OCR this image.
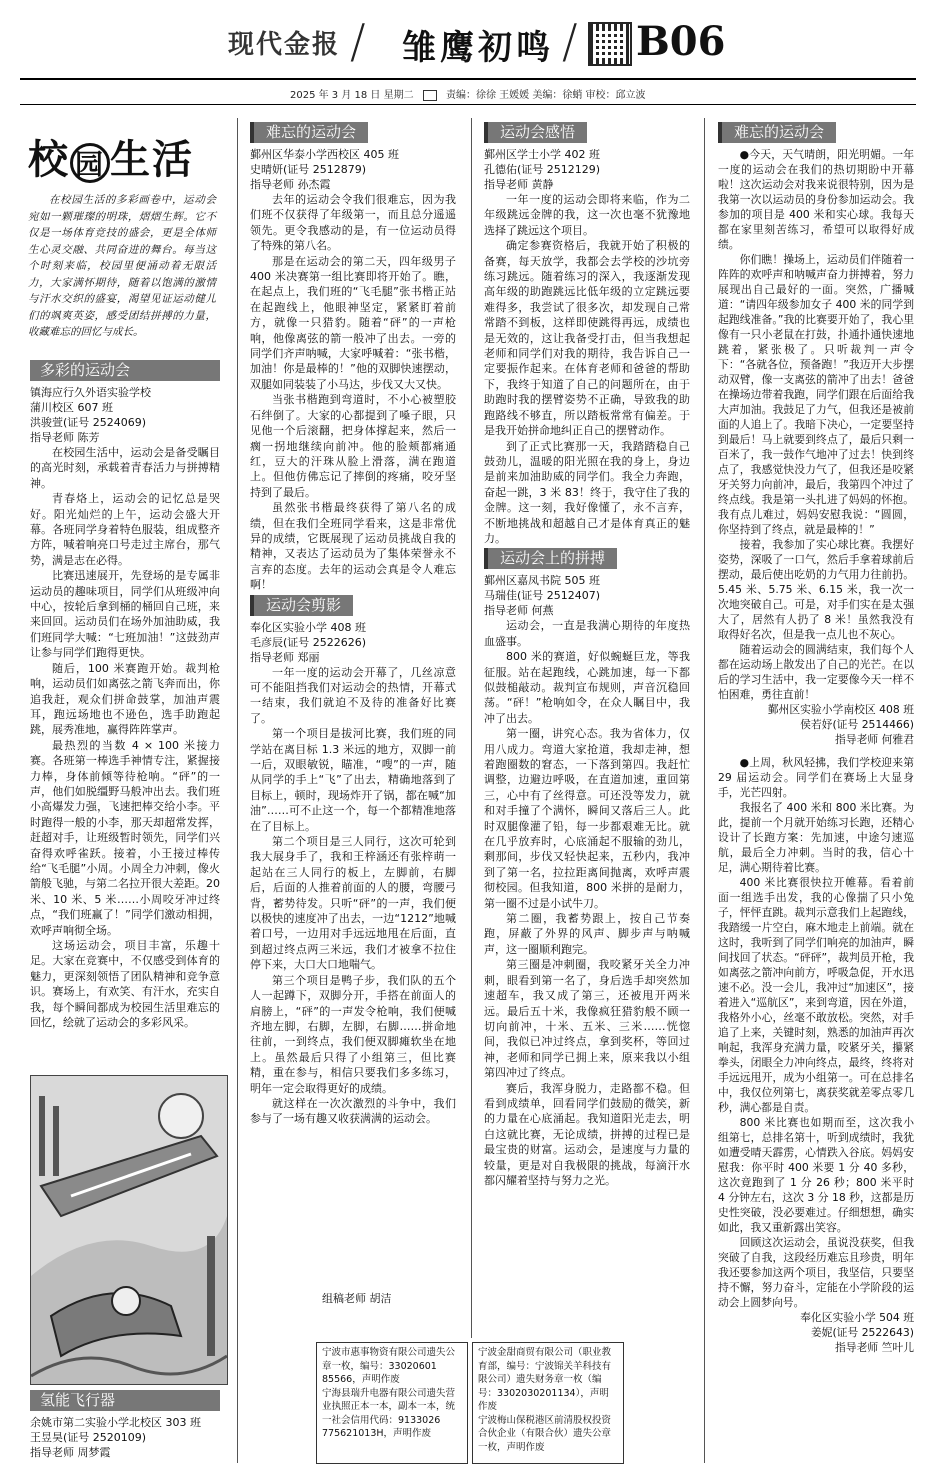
现代金报 / 雏鹰初鸣 / B06
2025 年 3 月 18 日 星期二	责编：徐徐 王媛媛 美编：徐蛸 审校：邱立波
校 园 生活

在校园生活的多彩画卷中，运动会宛如一颗璀璨的明珠，熠熠生辉。它不仅是一场体育竞技的盛会，更是全体师生心灵交融、共同奋进的舞台。每当这个时刻来临，校园里便涌动着无限活力，大家满怀期待，随着以饱满的激情与汗水交织的盛宴，渴望见证运动健儿们的飒爽英姿，感受团结拼搏的力量，收藏难忘的回忆与成长。

多彩的运动会

镇海应行久外语实验学校

蒲川校区 607 班

洪骏萱(证号 2524069)

指导老师 陈芳

在校园生活中，运动会是备受瞩目的高光时刻，承载着青春活力与拼搏精神。

青春烙上，运动会的记忆总是哭好。阳光灿烂的上午，运动会盛大开幕。各班同学身着特色服装，组成整齐方阵，喊着响亮口号走过主席台，那气势，满是志在必得。

比赛迅速展开，先登场的是专属非运动员的趣味项目，同学们从班级冲向中心，按轮后拿到桶的桶回自己班，来来回回。运动员们在场外加油助威，我们班同学大喊：“七班加油！”这鼓劲声让参与同学们跑得更快。

随后，100 米赛跑开始。裁判枪响，运动员们如离弦之箭飞奔而出，你追我赶，观众们拼命鼓掌，加油声震耳，跑远场地也不逊色，选手助跑起跳，展秀准地，赢得阵阵掌声。

最热烈的当数 4 × 100 米接力赛。各班第一棒选手神情专注，紧握接力棒，身体前倾等待枪响。“砰”的一声，他们如脱缰野马般冲出去。我们班小高爆发力强，飞速把棒交给小李。平时跑得一般的小李，那天却超常发挥，赶超对手，让班级暂时领先，同学们兴奋得欢呼雀跃。接着，小王接过棒传给“飞毛腿”小周。小周全力冲刺，像火箭般飞驰，与第二名拉开很大差距。20 米、10 米、5 米……小周咬牙冲过终点，“我们班赢了！”同学们激动相拥，欢呼声响彻全场。

这场运动会，项目丰富，乐趣十足。大家在竞赛中，不仅感受到体育的魅力，更深刻领悟了团队精神和竞争意识。赛场上，有欢笑、有汗水，充实自我，每个瞬间都成为校园生活里难忘的回忆，绘就了运动会的多彩风采。

氢能飞行器

余姚市第二实验小学北校区 303 班

王昱昊(证号 2520109)

指导老师 周梦霞

难忘的运动会

鄞州区华泰小学西校区 405 班

史晴妍(证号 2512879)

指导老师 孙杰霞

去年的运动会令我们很难忘，因为我们班不仅获得了年级第一，而且总分遥遥领先。更令我感动的是，有一位运动员得了特殊的第八名。

那是在运动会的第二天，四年级男子 400 米决赛第一组比赛即将开始了。瞧，在起点上，我们班的“飞毛腿”张书楷正站在起跑线上，他眼神坚定，紧紧盯着前方，就像一只猎豹。随着“砰”的一声枪响，他像离弦的箭一般冲了出去。一旁的同学们齐声呐喊，大家呼喊着：“张书楷，加油！你是最棒的！”他的双脚快速摆动，双腿如同装装了小马达，步伐又大又快。

当张书楷跑到弯道时，不小心被塑胶石绊倒了。大家的心都提到了嗓子眼，只见他一个后滚翻，把身体撑起来，然后一瘸一拐地继续向前冲。他的脸颊都痛通红，豆大的汗珠从脸上滑落，满在跑道上。但他仿佛忘记了摔倒的疼痛，咬牙坚持到了最后。

虽然张书楷最终获得了第八名的成绩，但在我们全班同学看来，这是非常优异的成绩，它既展现了运动员挑战自我的精神，又表达了运动员为了集体荣誉永不言弃的态度。去年的运动会真是令人难忘啊！

运动会剪影

奉化区实验小学 408 班

毛彦辰(证号 2522626)

指导老师 郑丽

一年一度的运动会开幕了，几丝凉意可不能阻挡我们对运动会的热情，开幕式一结束，我们就迫不及待的准备好比赛了。

第一个项目是拔河比赛，我们班的同学站在离目标 1.3 米远的地方，双脚一前一后，双眼敏锐，瞄准，“嗖”的一声，随从同学的手上“飞”了出去，精确地落到了目标上，顿时，现场炸开了锅，都在喊“加油”……可不止这一个，每一个都精准地落在了目标上。

第二个项目是三人同行，这次可轮到我大展身手了，我和王梓涵还有张梓萌一起站在三人同行的板上，左脚前，右脚后，后面的人推着前面的人的腰，弯腰弓背，蓄势待发。只听“砰”的一声，我们便以极快的速度冲了出去，一边“1212”地喊着口号，一边用对手远远地甩在后面，直到超过终点两三米远，我们才被拿不拉住停下来，大口大口地喘气。

第三个项目是鸭子步，我们队的五个人一起蹲下，双脚分开，手搭在前面人的肩膀上，“砰”的一声发令枪响，我们便喊齐地左脚，右脚，左脚，右脚……拼命地往前，一到终点，我们便双脚瘫软坐在地上。虽然最后只得了小组第三，但比赛精，重在参与，相信只要我们多多练习，明年一定会取得更好的成绩。

就这样在一次次激烈的斗争中，我们参与了一场有趣又收获满满的运动会。

组稿老师 胡洁
运动会感悟

鄞州区学士小学 402 班

孔德佑(证号 2512129)

指导老师 黄静

一年一度的运动会即将来临，作为二年级跳远金牌的我，这一次也毫不犹豫地选择了跳远这个项目。

确定参赛资格后，我就开始了积极的备赛，每天放学，我都会去学校的沙坑旁练习跳远。随着练习的深入，我逐渐发现高年级的助跑跳远比低年级的立定跳远要难得多，我尝试了很多次，却发现自己常常踏不到板，这样即使跳得再远，成绩也是无效的，这让我备受打击，但当我想起老师和同学们对我的期待，我告诉自己一定要振作起来。在体育老师和爸爸的帮助下，我终于知道了自己的问题所在，由于助跑时我的摆臂姿势不正确，导致我的助跑路线不够直，所以踏板常常有偏差。于是我开始拼命地纠正自己的摆臂动作。

到了正式比赛那一天，我踏踏稳自己鼓劲儿，温暖的阳光照在我的身上，身边是前来加油助威的同学们。我全力奔跑，奋起一跳，3 米 83！终于，我守住了我的金牌。这一刻，我好像懂了，永不言弃，不断地挑战和超越自己才是体育真正的魅力。

运动会上的拼搏

鄞州区嘉凤书院 505 班

马瑞佳(证号 2512407)

指导老师 何燕

运动会，一直是我满心期待的年度热血盛事。

800 米的赛道，好似蜿蜒巨龙，等我征服。站在起跑线，心跳加速，每一下都似鼓槌敲动。裁判宣布规则，声音沉稳回荡。“砰！”枪响如令，在众人瞩目中，我冲了出去。

第一圈，讲究心态。我为省体力，仅用八成力。弯道大家抢道，我却走神，想着跑圈数的窘态，一下落到第四。我赶忙调整，边避边呼吸，在直道加速，重回第三，心中有了丝得意。可还没等发力，就和对手撞了个满怀，瞬间又落后三人。此时双腿像灌了铅，每一步都艰难无比。就在几乎放弃时，心底涌起不服输的劲儿，剩那间，步伐又轻快起来，五秒内，我冲到了第一名，拉拉距离间抛离，欢呼声震彻校园。但我知道，800 米拼的是耐力，第一圈不过是小试牛刀。

第二圈，我蓄势跟上，按自己节奏跑，屏蔽了外界的风声、脚步声与呐喊声，这一圈顺利跑完。

第三圈是冲刺圈，我咬紧牙关全力冲刺，眼看到第一名了，身后选手却突然加速超车，我又成了第三，还被甩开两米远。最后五十米，我像疯狂猎豹般不顾一切向前冲，十米、五米、三米……恍惚间，我似已冲过终点，拿到奖杯，等回过神，老师和同学已拥上来，原来我以小组第四冲过了终点。

赛后，我浑身脱力，走路都不稳。但看到成绩单，回看同学们鼓励的微笑，新的力量在心底涌起。我知道阳光走去，明白这就比赛，无论成绩，拼搏的过程已是最宝贵的财富。运动会，是速度与力量的较量，更是对自我极限的挑战，每滴汗水都闪耀着坚持与努力之光。

难忘的运动会

●今天，天气晴朗，阳光明媚。一年一度的运动会在我们的热切期盼中开幕啦！这次运动会对我来说很特别，因为是我第一次以运动员的身份参加运动会。我参加的项目是 400 米和实心球。我每天都在家里刻苦练习，希望可以取得好成绩。

你们瞧！操场上，运动员们伴随着一阵阵的欢呼声和呐喊声奋力拼搏着，努力展现出自己最好的一面。突然，广播喊道：“请四年级参加女子 400 米的同学到起跑线准备。”我的比赛要开始了，我心里像有一只小老鼠在打鼓，扑通扑通快速地跳着，紧张极了。只听裁判一声令下：“各就各位，预备跑！”我迈开大步摆动双臂，像一支离弦的箭冲了出去！爸爸在操场边带着我跑，同学们跟在后面给我大声加油。我鼓足了力气，但我还是被前面的人追上了。我暗下决心，一定要坚持到最后！马上就要到终点了，最后只剩一百米了，我一鼓作气地冲了过去！快到终点了，我感觉快没力气了，但我还是咬紧牙关努力向前冲，最后，我第四个冲过了终点线。我是第一头扎进了妈妈的怀抱。我有点儿难过，妈妈安慰我说：“圆圆，你坚持到了终点，就是最棒的！”

接着，我参加了实心球比赛。我摆好姿势，深吸了一口气，然后手拿着球前后摆动，最后使出吃奶的力气用力往前扔。5.45 米、5.75 米、6.15 米，我一次一次地突破自己。可是，对手们实在是太强大了，居然有人扔了 8 米！虽然我没有取得好名次，但是我一点儿也不灰心。

随着运动会的圆满结束，我们每个人都在运动场上散发出了自己的光芒。在以后的学习生活中，我一定要像今天一样不怕困难，勇往直前！

鄞州区实验小学南校区 408 班

侯若妤(证号 2514466)

指导老师 何雅君

●上周，秋风轻拂，我们学校迎来第 29 届运动会。同学们在赛场上大显身手，光芒四射。

我报名了 400 米和 800 米比赛。为此，提前一个月就开始练习长跑，还精心设计了长跑方案：先加速，中途匀速巡航，最后全力冲刺。当时的我，信心十足，满心期待着比赛。

400 米比赛很快拉开帷幕。看着前面一组选手出发，我的心像揣了只小兔子，怦怦直跳。裁判示意我们上起跑线，我踏缓一片空白，麻木地走上前端。就在这时，我听到了同学们响亮的加油声，瞬间找回了状态。“砰砰”，裁判员开枪，我如离弦之箭冲向前方，呼吸急促，开水迅速不必。没一会儿，我冲过“加速区”，接着进入“巡航区”，来到弯道，因在外道，我格外小心，丝毫不敢放松。突然，对手追了上来，关键时刻，熟悉的加油声再次响起，我浑身充满力量，咬紧牙关，攥紧拳头，闭眼全力冲向终点，最终，终将对手远远甩开，成为小组第一。可在总排名中，我仅位列第七，离获奖就差零点零几秒，满心都是自责。

800 米比赛也如期而至，这次我小组第七，总排名第十，听到成绩时，我犹如遭受晴天霹雳，心情跌入谷底。妈妈安慰我：你平时 400 米要 1 分 40 多秒，这次竟跑到了 1 分 26 秒；800 米平时 4 分钟左右，这次 3 分 18 秒，这都是历史性突破，没必要难过。仔细想想，确实如此，我又重新露出笑容。

回顾这次运动会，虽说没获奖，但我突破了自我，这段经历难忘且珍贵，明年我还要参加这两个项目，我坚信，只要坚持不懈，努力奋斗，定能在小学阶段的运动会上圆梦向号。

奉化区实验小学 504 班

姜妮(证号 2522643)

指导老师 竺叶儿

宁波市惠事物资有限公司遗失公章一枚，编号：33020601 85566，声明作废
宁海县瑞升电器有限公司遗失营业执照正本一本，副本一本，统一社会信用代码：9133026 775621013H，声明作废
宁波金甜商贸有限公司（职业教育部，编号：宁波锦关羊科技有限公司）遗失财务章一枚（编号：3302030201134），声明作废
宁波梅山保税港区前清股权投资合伙企业（有限合伙）遗失公章一枚，声明作废
